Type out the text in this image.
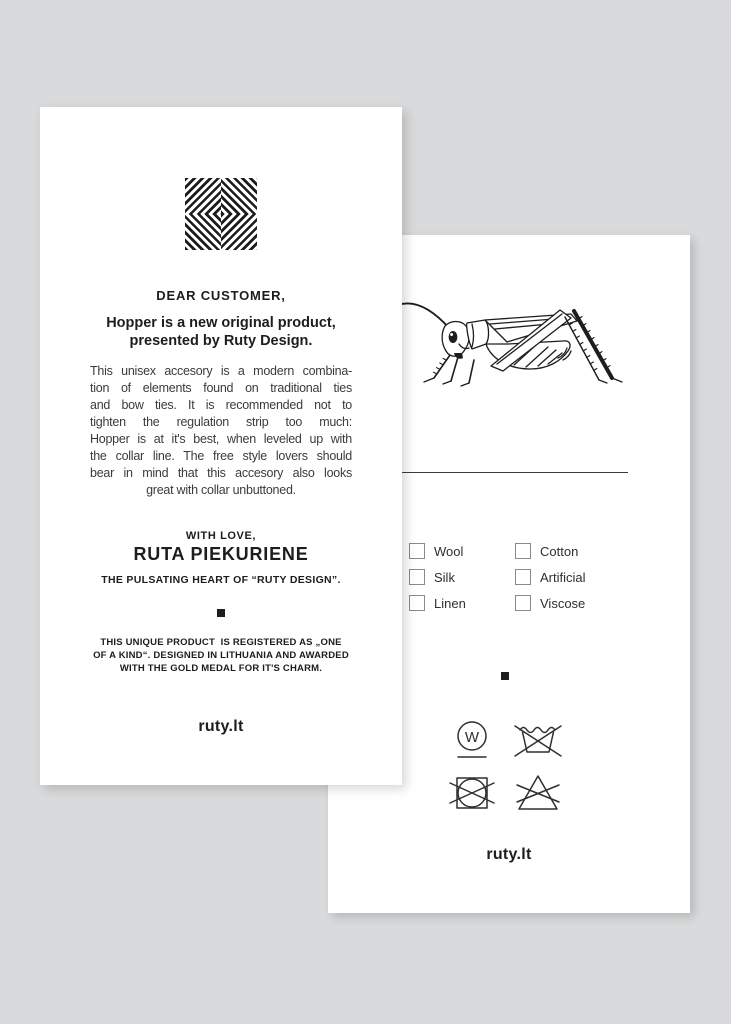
Wool	Cotton
Silk	Artificial
Linen	Viscose
W
ruty.lt
DEAR CUSTOMER,
Hopper is a new original product,
presented by Ruty Design.

This unisex accesory is a modern combina-

tion of elements found on traditional ties

and bow ties. It is recommended not to

tighten the regulation strip too much:

Hopper is at it's best, when leveled up with

the collar line. The free style lovers should

bear in mind that this accesory also looks

great with collar unbuttoned.

WITH LOVE,
RUTA PIEKURIENE
THE PULSATING HEART OF “RUTY DESIGN”.

THIS UNIQUE PRODUCT  IS REGISTERED AS „ONE

OF A KIND“. DESIGNED IN LITHUANIA AND AWARDED

WITH THE GOLD MEDAL FOR IT'S CHARM.

ruty.lt
